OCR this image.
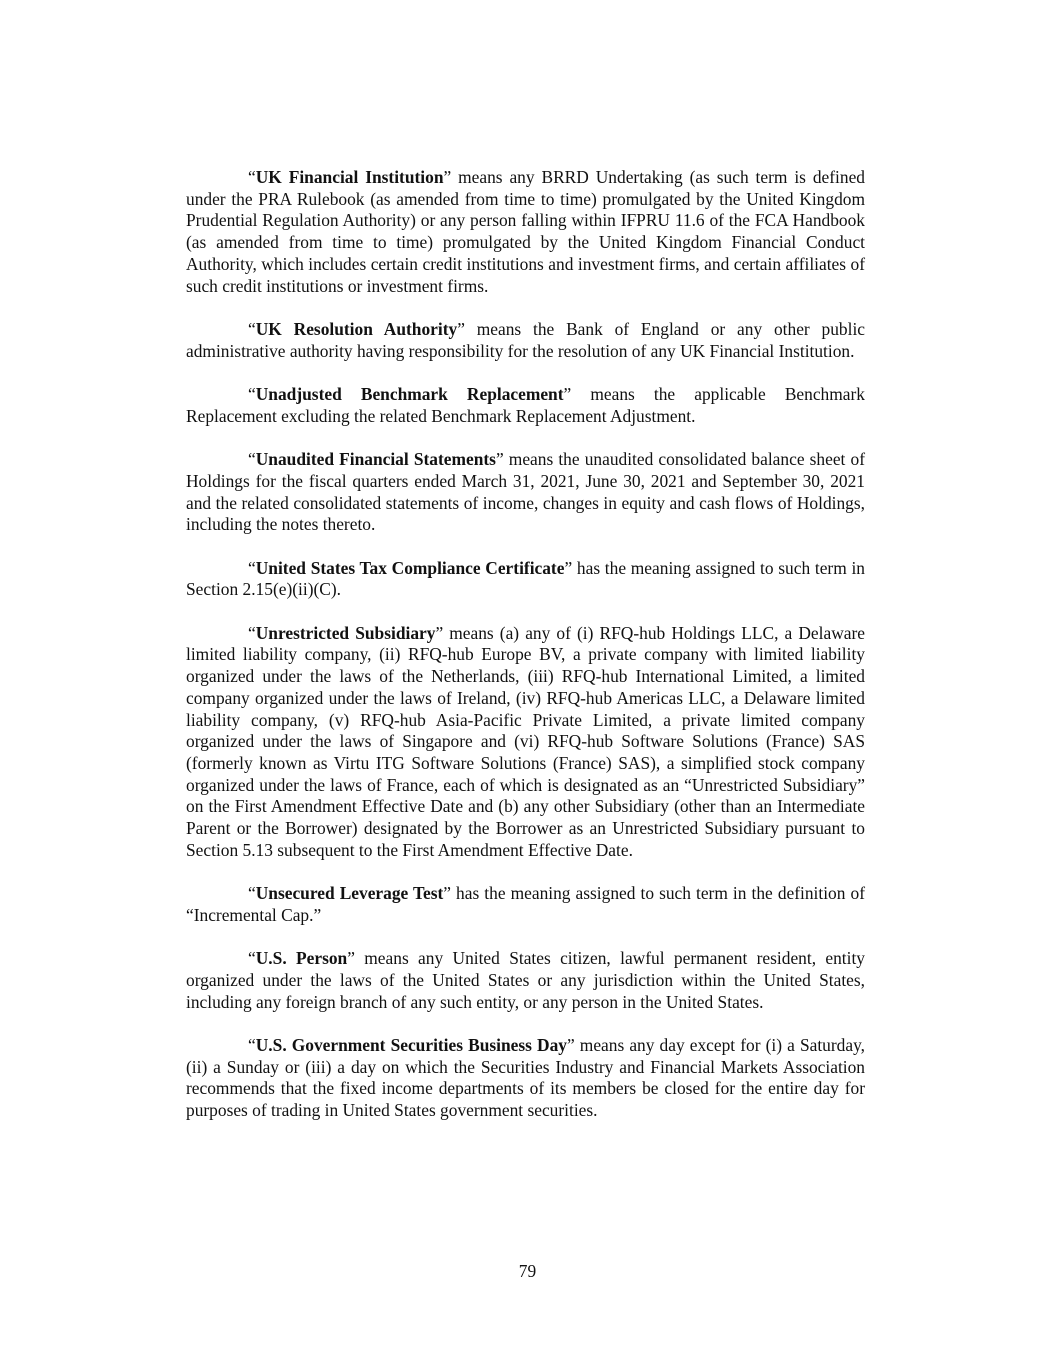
“UK Financial Institution” means any BRRD Undertaking (as such term is defined under the PRA Rulebook (as amended from time to time) promulgated by the United Kingdom Prudential Regulation Authority) or any person falling within IFPRU 11.6 of the FCA Handbook (as amended from time to time) promulgated by the United Kingdom Financial Conduct Authority, which includes certain credit institutions and investment firms, and certain affiliates of such credit institutions or investment firms.

“UK Resolution Authority” means the Bank of England or any other public administrative authority having responsibility for the resolution of any UK Financial Institution.

“Unadjusted Benchmark Replacement” means the applicable Benchmark Replacement excluding the related Benchmark Replacement Adjustment.

“Unaudited Financial Statements” means the unaudited consolidated balance sheet of Holdings for the fiscal quarters ended March 31, 2021, June 30, 2021 and September 30, 2021 and the related consolidated statements of income, changes in equity and cash flows of Holdings, including the notes thereto.

“United States Tax Compliance Certificate” has the meaning assigned to such term in Section 2.15(e)(ii)(C).

“Unrestricted Subsidiary” means (a) any of (i) RFQ-hub Holdings LLC, a Delaware limited liability company, (ii) RFQ-hub Europe BV, a private company with limited liability organized under the laws of the Netherlands, (iii) RFQ-hub International Limited, a limited company organized under the laws of Ireland, (iv) RFQ-hub Americas LLC, a Delaware limited liability company, (v) RFQ-hub Asia-Pacific Private Limited, a private limited company organized under the laws of Singapore and (vi) RFQ-hub Software Solutions (France) SAS (formerly known as Virtu ITG Software Solutions (France) SAS), a simplified stock company organized under the laws of France, each of which is designated as an “Unrestricted Subsidiary” on the First Amendment Effective Date and (b) any other Subsidiary (other than an Intermediate Parent or the Borrower) designated by the Borrower as an Unrestricted Subsidiary pursuant to Section 5.13 subsequent to the First Amendment Effective Date.

“Unsecured Leverage Test” has the meaning assigned to such term in the definition of “Incremental Cap.”

“U.S. Person” means any United States citizen, lawful permanent resident, entity organized under the laws of the United States or any jurisdiction within the United States, including any foreign branch of any such entity, or any person in the United States.

“U.S. Government Securities Business Day” means any day except for (i) a Saturday, (ii) a Sunday or (iii) a day on which the Securities Industry and Financial Markets Association recommends that the fixed income departments of its members be closed for the entire day for purposes of trading in United States government securities.

79
